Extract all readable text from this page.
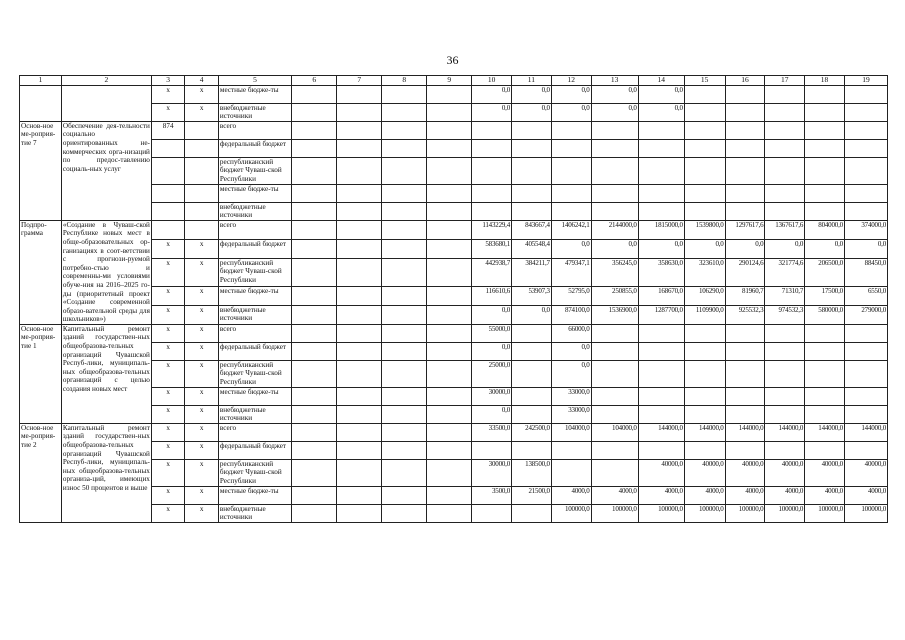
36
1	2	3	4	5	6	7	8	9	10	11	12	13	14	15	16	17	18	19
		х	х	местные бюдже-ты					0,0	0,0	0,0	0,0	0,0					
		х	х	внебюджетные источники					0,0	0,0	0,0	0,0	0,0					
Основ-ное ме-роприя-тие 7	Обеспечение дея-тельности социально ориентированных не-коммерческих орга-низаций по предос-тавлению социаль-ных услуг	874		всего														
				федеральный бюджет														
				республиканский бюджет Чуваш-ской Республики														
				местные бюдже-ты														
				внебюджетные источники														
Подпро-грамма	«Создание в Чуваш-ской Республике новых мест в обще-образовательных ор-ганизациях в соот-ветствии с прогнози-руемой потребно-стью и современны-ми условиями обуче-ния на 2016–2025 го-ды (приоритетный проект «Создание современной образо-вательной среды для школьников»)			всего					1143229,4	843667,4	1406242,1	2144000,0	1815000,0	1539800,0	1297617,6	1367617,6	804000,0	374000,0
		х	х	федеральный бюджет					583680,1	405548,4	0,0	0,0	0,0	0,0	0,0	0,0	0,0	0,0
		х	х	республиканский бюджет Чуваш-ской Республики					442938,7	384211,7	479347,1	356245,0	358630,0	323610,0	290124,6	321774,6	206500,0	88450,0
		х	х	местные бюдже-ты					116610,6	53907,3	52795,0	250855,0	168670,0	106290,0	81960,7	71310,7	17500,0	6550,0
		х	х	внебюджетные источники					0,0	0,0	874100,0	1536900,0	1287700,0	1109900,0	925532,3	974532,3	580000,0	279000,0
Основ-ное ме-роприя-тие 1	Капитальный ремонт зданий государствен-ных общеобразова-тельных организаций Чувашской Респуб-лики, муниципаль-ных общеобразова-тельных организаций с целью создания новых мест	х	х	всего					55000,0		66000,0							
		х	х	федеральный бюджет					0,0		0,0							
		х	х	республиканский бюджет Чуваш-ской Республики					25000,0		0,0							
		х	х	местные бюдже-ты					30000,0		33000,0							
		х	х	внебюджетные источники					0,0		33000,0							
Основ-ное ме-роприя-тие 2	Капитальный ремонт зданий государствен-ных общеобразова-тельных организаций Чувашской Респуб-лики, муниципаль-ных общеобразова-тельных организа-ций, имеющих износ 50 процентов и выше	х	х	всего					33500,0	242500,0	104000,0	104000,0	144000,0	144000,0	144000,0	144000,0	144000,0	144000,0
		х	х	федеральный бюджет														
		х	х	республиканский бюджет Чуваш-ской Республики					30000,0	138500,0			40000,0	40000,0	40000,0	40000,0	40000,0	40000,0
		х	х	местные бюдже-ты					3500,0	21500,0	4000,0	4000,0	4000,0	4000,0	4000,0	4000,0	4000,0	4000,0
		х	х	внебюджетные источники							100000,0	100000,0	100000,0	100000,0	100000,0	100000,0	100000,0	100000,0
